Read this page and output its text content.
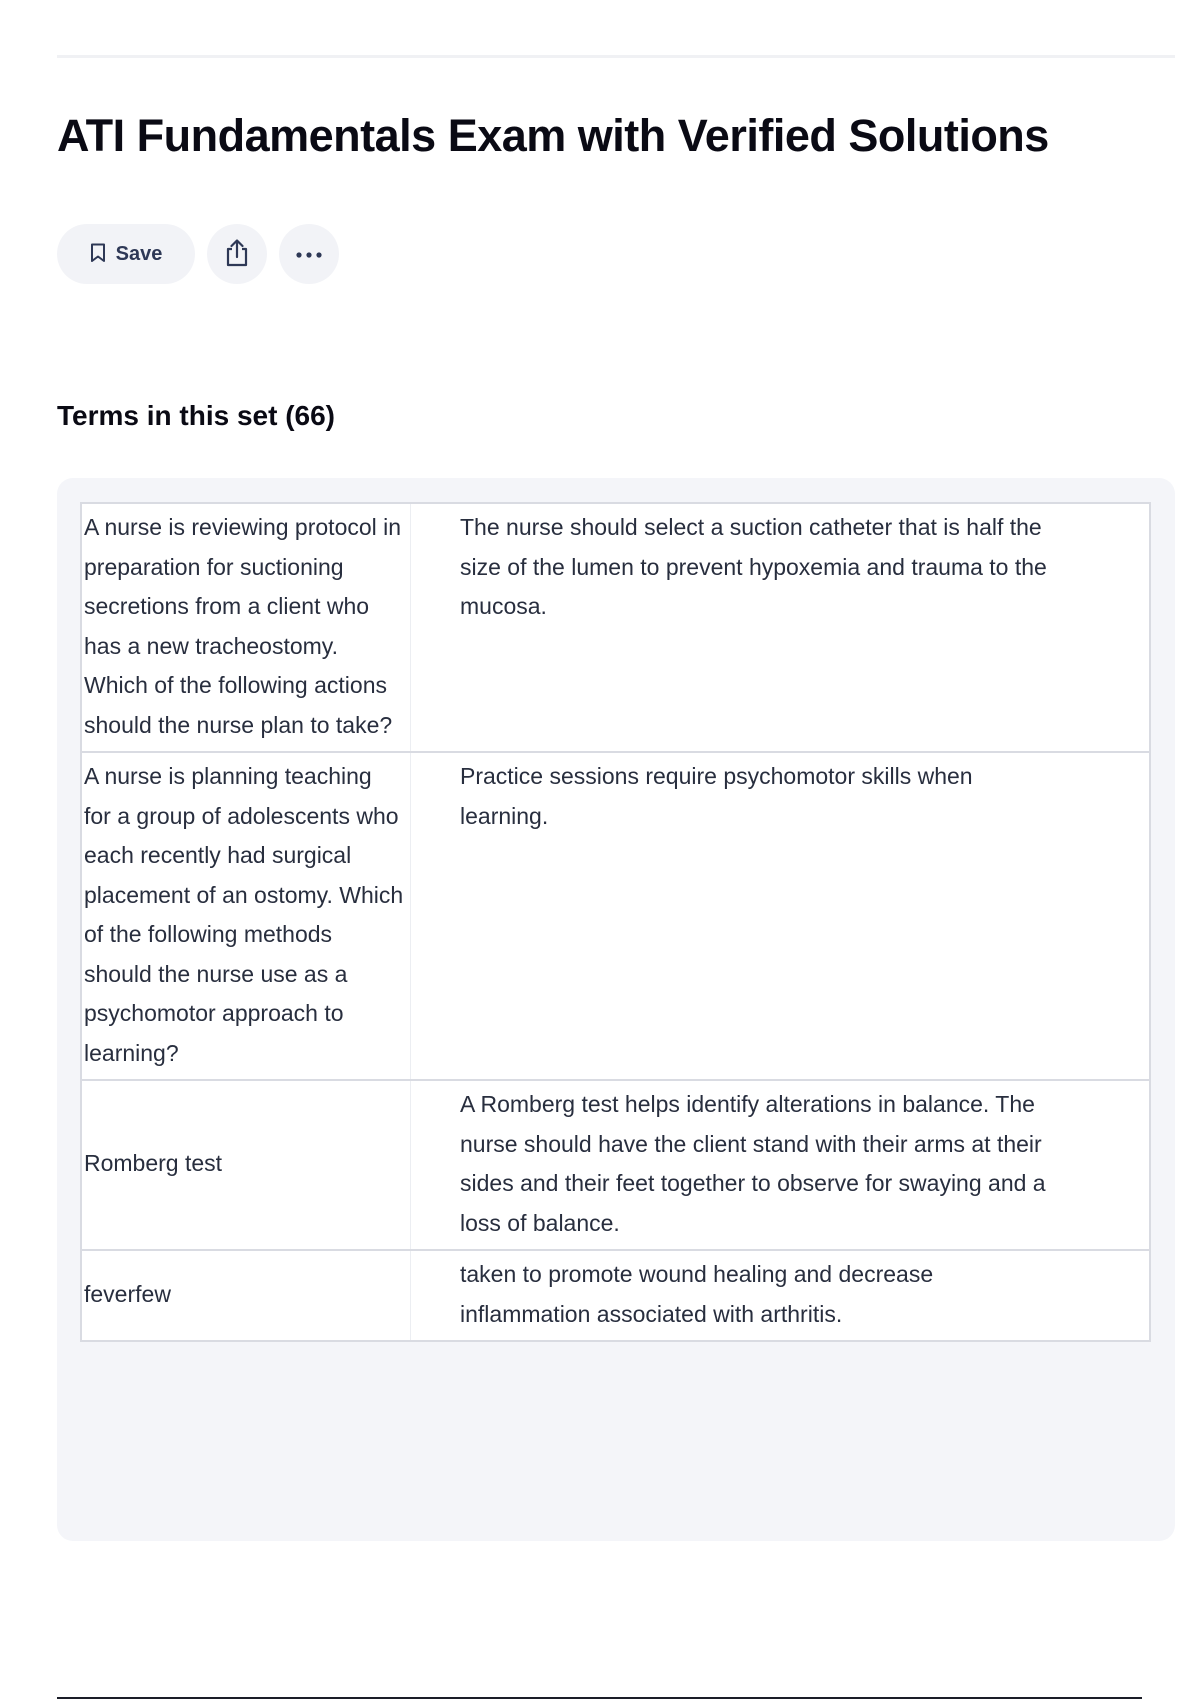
ATI Fundamentals Exam with Verified Solutions
Save
Terms in this set (66)
A nurse is reviewing protocol in preparation for suctioning secretions from a client who has a new tracheostomy. Which of the following actions should the nurse plan to take?	The nurse should select a suction catheter that is half the size of the lumen to prevent hypoxemia and trauma to the mucosa.
A nurse is planning teaching for a group of adolescents who each recently had surgical placement of an ostomy. Which of the following methods should the nurse use as a psychomotor approach to learning?	Practice sessions require psychomotor skills when learning.
Romberg test	A Romberg test helps identify alterations in balance. The nurse should have the client stand with their arms at their sides and their feet together to observe for swaying and a loss of balance.
feverfew	taken to promote wound healing and decrease inflammation associated with arthritis.
